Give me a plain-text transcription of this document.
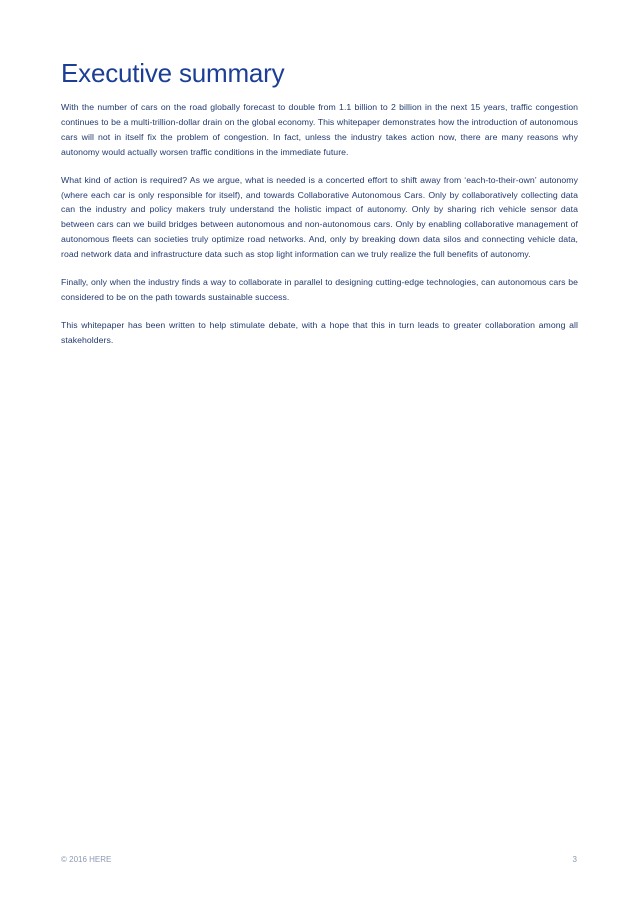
Executive summary

With the number of cars on the road globally forecast to double from 1.1 billion to 2 billion in the next 15 years, traffic congestion continues to be a multi-trillion-dollar drain on the global economy. This whitepaper demonstrates how the introduction of autonomous cars will not in itself fix the problem of congestion. In fact, unless the industry takes action now, there are many reasons why autonomy would actually worsen traffic conditions in the immediate future.

What kind of action is required? As we argue, what is needed is a concerted effort to shift away from ‘each-to-their-own’ autonomy (where each car is only responsible for itself), and towards Collaborative Autonomous Cars. Only by collaboratively collecting data can the industry and policy makers truly understand the holistic impact of autonomy. Only by sharing rich vehicle sensor data between cars can we build bridges between autonomous and non-autonomous cars. Only by enabling collaborative management of autonomous fleets can societies truly optimize road networks. And, only by breaking down data silos and connecting vehicle data, road network data and infrastructure data such as stop light information can we truly realize the full benefits of autonomy.

Finally, only when the industry finds a way to collaborate in parallel to designing cutting-edge technologies, can autonomous cars be considered to be on the path towards sustainable success.

This whitepaper has been written to help stimulate debate, with a hope that this in turn leads to greater collaboration among all stakeholders.

© 2016 HERE	3
